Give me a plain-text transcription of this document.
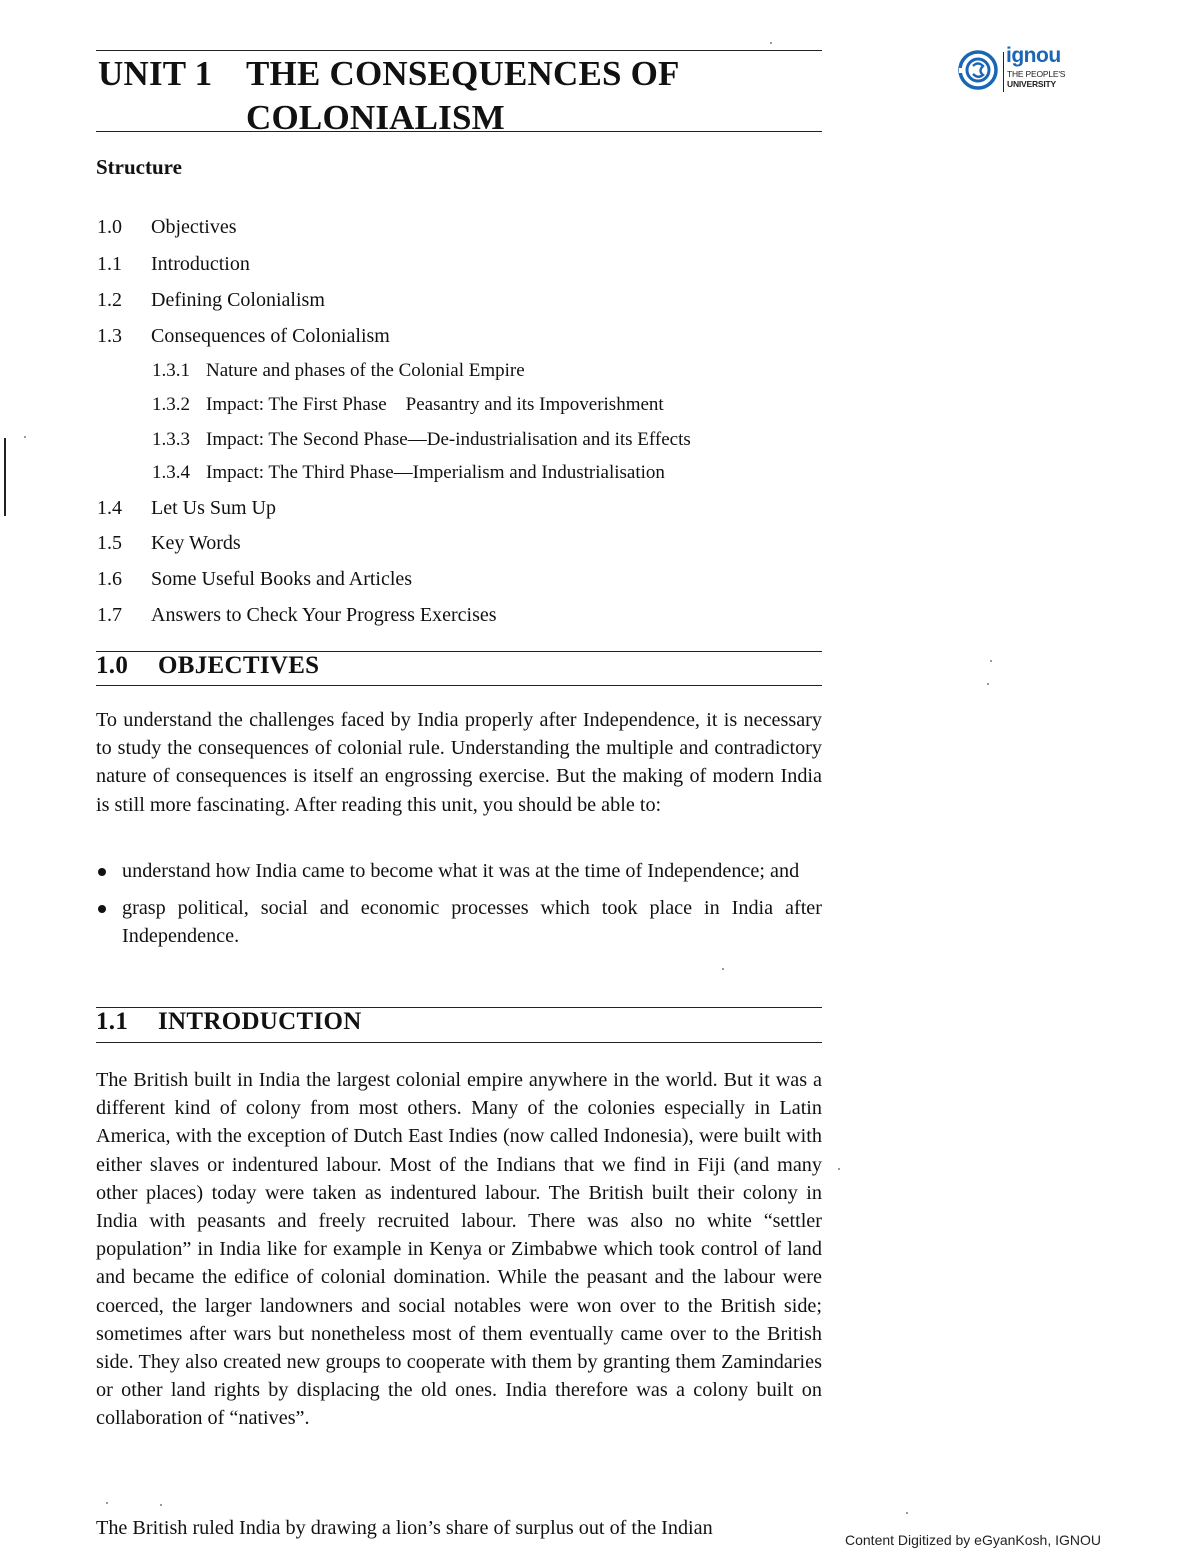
UNIT 1 THE CONSEQUENCES OF
COLONIALISM
ignou
THE PEOPLE'S
UNIVERSITY
Structure
1.0 Objectives
1.1 Introduction
1.2 Defining Colonialism
1.3 Consequences of Colonialism
1.3.1 Nature and phases of the Colonial Empire
1.3.2 Impact: The First Phase    Peasantry and its Impoverishment
1.3.3 Impact: The Second Phase—De-industrialisation and its Effects
1.3.4 Impact: The Third Phase—Imperialism and Industrialisation
1.4 Let Us Sum Up
1.5 Key Words
1.6 Some Useful Books and Articles
1.7 Answers to Check Your Progress Exercises
1.0 OBJECTIVES

To understand the challenges faced by India properly after Independence, it is necessary to study the consequences of colonial rule. Understanding the multiple and contradictory nature of consequences is itself an engrossing exercise. But the making of modern India is still more fascinating. After reading this unit, you should be able to:

understand how India came to become what it was at the time of Independence; and
grasp political, social and economic processes which took place in India after Independence.
1.1 INTRODUCTION

The British built in India the largest colonial empire anywhere in the world. But it was a different kind of colony from most others. Many of the colonies especially in Latin America, with the exception of Dutch East Indies (now called Indonesia), were built with either slaves or indentured labour. Most of the Indians that we find in Fiji (and many other places) today were taken as indentured labour. The British built their colony in India with peasants and freely recruited labour. There was also no white “settler population” in India like for example in Kenya or Zimbabwe which took control of land and became the edifice of colonial domination. While the peasant and the labour were coerced, the larger landowners and social notables were won over to the British side; sometimes after wars but nonetheless most of them eventually came over to the British side. They also created new groups to cooperate with them by granting them Zamindaries or other land rights by displacing the old ones. India therefore was a colony built on collaboration of “natives”.

The British ruled India by drawing a lion’s share of surplus out of the Indian

Content Digitized by eGyanKosh, IGNOU
